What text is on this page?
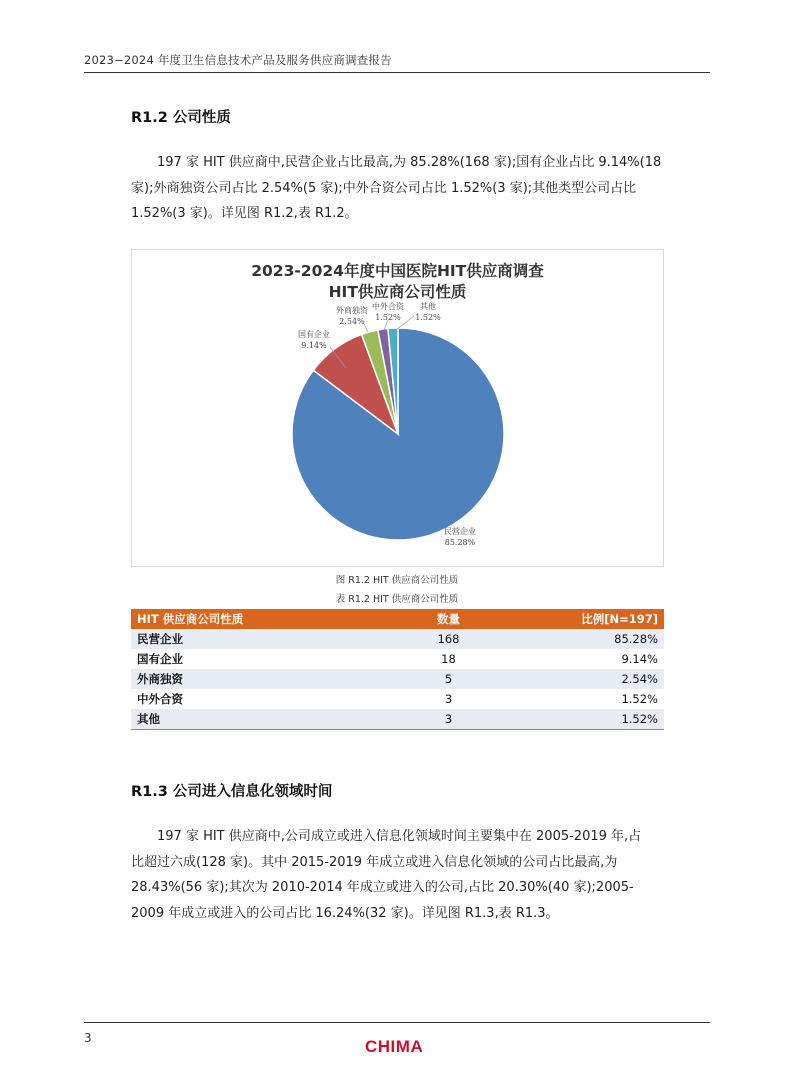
2023−2024 年度卫生信息技术产品及服务供应商调查报告
R1.2 公司性质
197 家 HIT 供应商中,民营企业占比最高,为 85.28%(168 家);国有企业占比 9.14%(18
家);外商独资公司占比 2.54%(5 家);中外合资公司占比 1.52%(3 家);其他类型公司占比
1.52%(3 家)。详见图 R1.2,表 R1.2。
2023-2024年度中国医院HIT供应商调查
HIT供应商公司性质
民营企业
85.28%
国有企业
9.14%
外商独资
2.54%
中外合资
1.52%
其他
1.52%
图 R1.2 HIT 供应商公司性质
表 R1.2 HIT 供应商公司性质
HIT 供应商公司性质	数量	比例[N=197]
民营企业	168	85.28%
国有企业	18	9.14%
外商独资	5	2.54%
中外合资	3	1.52%
其他	3	1.52%
R1.3 公司进入信息化领域时间
197 家 HIT 供应商中,公司成立或进入信息化领域时间主要集中在 2005-2019 年,占
比超过六成(128 家)。其中 2015-2019 年成立或进入信息化领域的公司占比最高,为
28.43%(56 家);其次为 2010-2014 年成立或进入的公司,占比 20.30%(40 家);2005-
2009 年成立或进入的公司占比 16.24%(32 家)。详见图 R1.3,表 R1.3。
3	CHIMA
